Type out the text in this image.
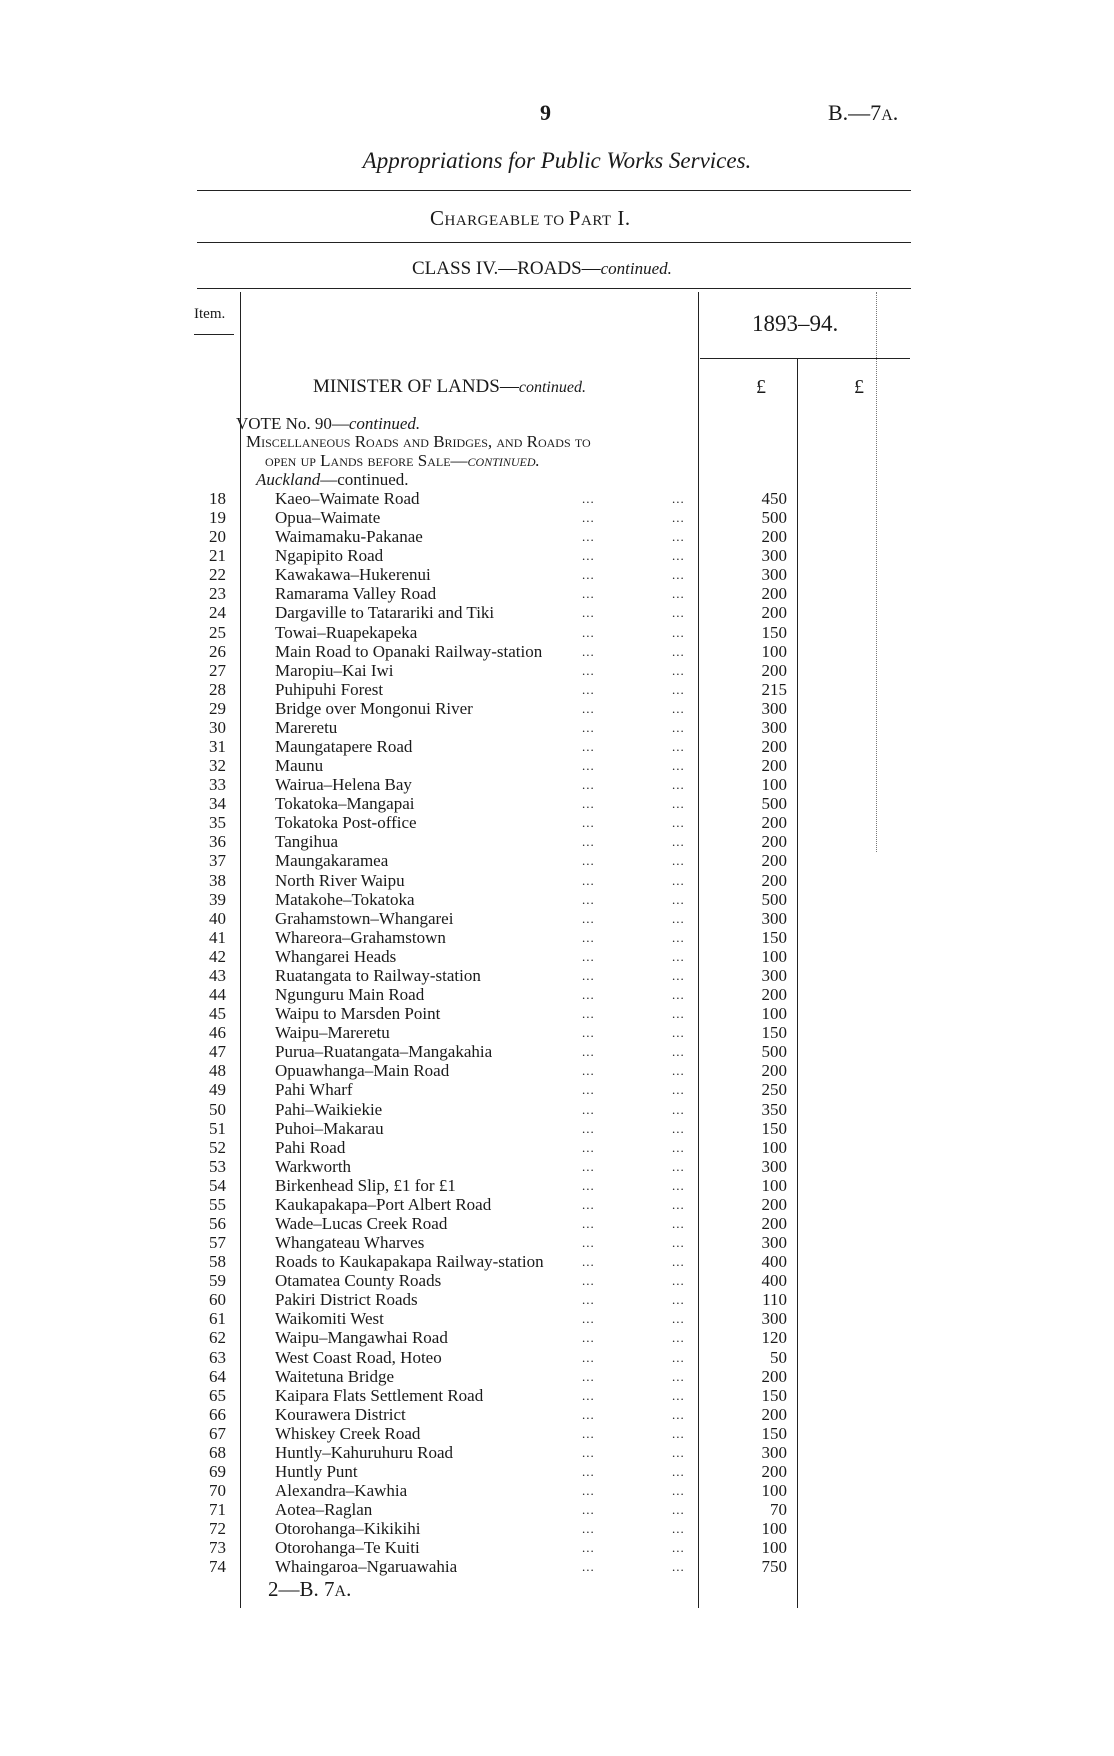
9	B.—7A.
Appropriations for Public Works Services.
CHARGEABLE TO PART I.
CLASS IV.—ROADS—continued.
Item.	1893–94.
MINISTER OF LANDS—continued.	£	£
VOTE No. 90—continued.
Miscellaneous Roads and Bridges, and Roads to
open up Lands before Sale—continued.
Auckland—continued.
18	Kaeo–Waimate Road	...	...	450
19	Opua–Waimate	...	...	500
20	Waimamaku-Pakanae	...	...	200
21	Ngapipito Road	...	...	300
22	Kawakawa–Hukerenui	...	...	300
23	Ramarama Valley Road	...	...	200
24	Dargaville to Tatarariki and Tiki	...	...	200
25	Towai–Ruapekapeka	...	...	150
26	Main Road to Opanaki Railway-station	...	...	100
27	Maropiu–Kai Iwi	...	...	200
28	Puhipuhi Forest	...	...	215
29	Bridge over Mongonui River	...	...	300
30	Mareretu	...	...	300
31	Maungatapere Road	...	...	200
32	Maunu	...	...	200
33	Wairua–Helena Bay	...	...	100
34	Tokatoka–Mangapai	...	...	500
35	Tokatoka Post-office	...	...	200
36	Tangihua	...	...	200
37	Maungakaramea	...	...	200
38	North River Waipu	...	...	200
39	Matakohe–Tokatoka	...	...	500
40	Grahamstown–Whangarei	...	...	300
41	Whareora–Grahamstown	...	...	150
42	Whangarei Heads	...	...	100
43	Ruatangata to Railway-station	...	...	300
44	Ngunguru Main Road	...	...	200
45	Waipu to Marsden Point	...	...	100
46	Waipu–Mareretu	...	...	150
47	Purua–Ruatangata–Mangakahia	...	...	500
48	Opuawhanga–Main Road	...	...	200
49	Pahi Wharf	...	...	250
50	Pahi–Waikiekie	...	...	350
51	Puhoi–Makarau	...	...	150
52	Pahi Road	...	...	100
53	Warkworth	...	...	300
54	Birkenhead Slip, £1 for £1	...	...	100
55	Kaukapakapa–Port Albert Road	...	...	200
56	Wade–Lucas Creek Road	...	...	200
57	Whangateau Wharves	...	...	300
58	Roads to Kaukapakapa Railway-station	...	...	400
59	Otamatea County Roads	...	...	400
60	Pakiri District Roads	...	...	110
61	Waikomiti West	...	...	300
62	Waipu–Mangawhai Road	...	...	120
63	West Coast Road, Hoteo	...	...	50
64	Waitetuna Bridge	...	...	200
65	Kaipara Flats Settlement Road	...	...	150
66	Kourawera District	...	...	200
67	Whiskey Creek Road	...	...	150
68	Huntly–Kahuruhuru Road	...	...	300
69	Huntly Punt	...	...	200
70	Alexandra–Kawhia	...	...	100
71	Aotea–Raglan	...	...	70
72	Otorohanga–Kikikihi	...	...	100
73	Otorohanga–Te Kuiti	...	...	100
74	Whaingaroa–Ngaruawahia	...	...	750
2—B. 7A.
